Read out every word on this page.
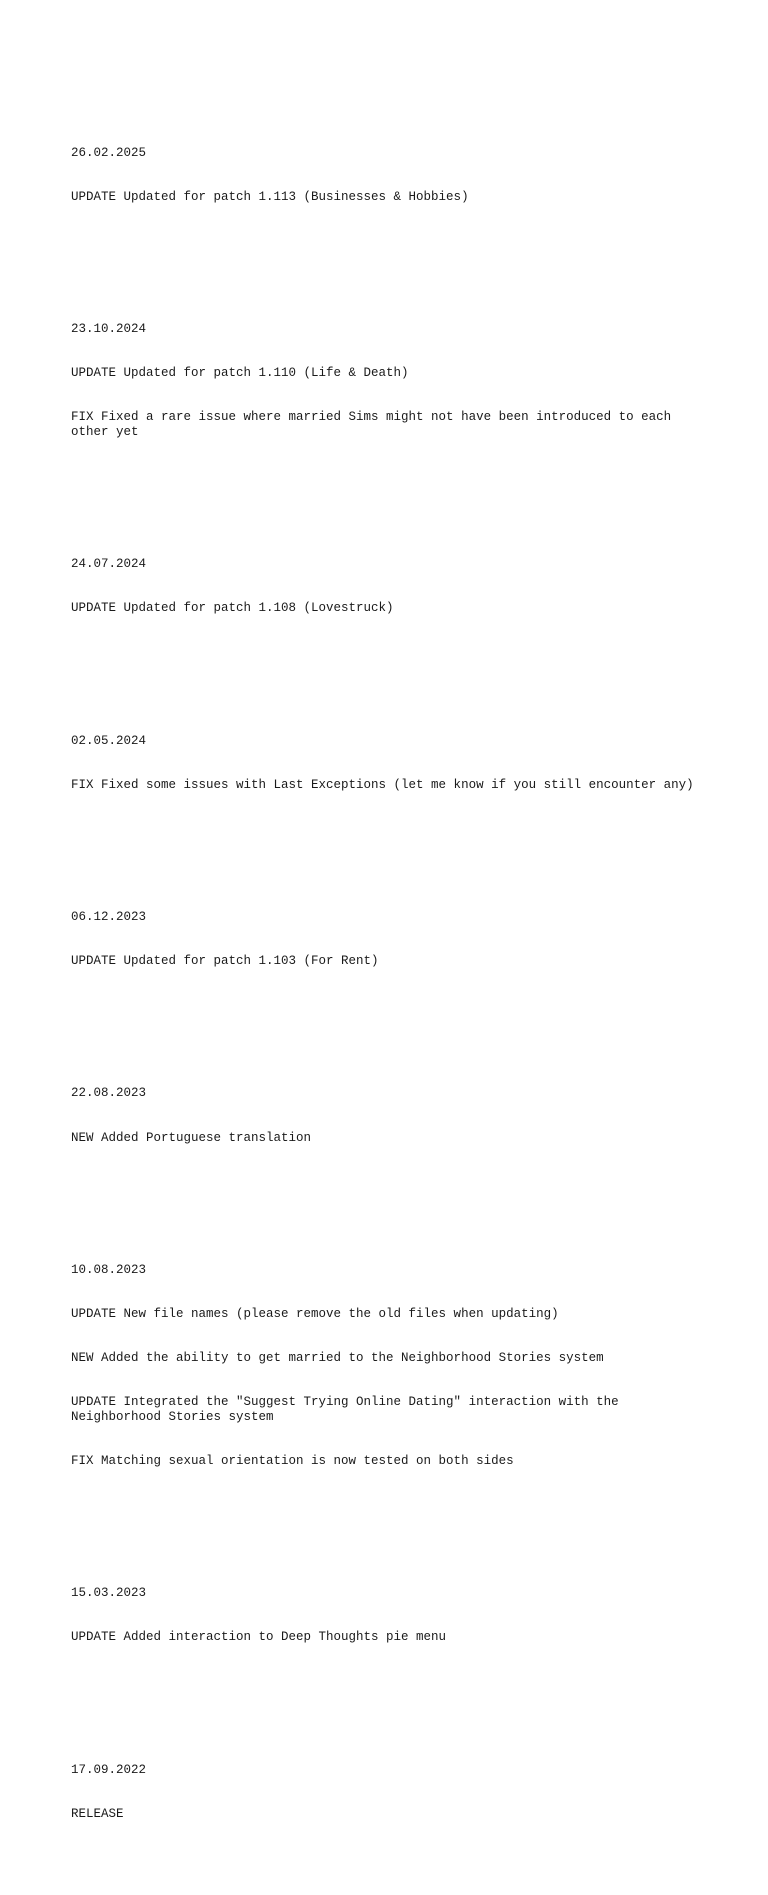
26.02.2025

UPDATE Updated for patch 1.113 (Businesses & Hobbies)

23.10.2024

UPDATE Updated for patch 1.110 (Life & Death)

FIX Fixed a rare issue where married Sims might not have been introduced to each other yet

24.07.2024

UPDATE Updated for patch 1.108 (Lovestruck)

02.05.2024

FIX Fixed some issues with Last Exceptions (let me know if you still encounter any)

06.12.2023

UPDATE Updated for patch 1.103 (For Rent)

22.08.2023

NEW Added Portuguese translation

10.08.2023

UPDATE New file names (please remove the old files when updating)

NEW Added the ability to get married to the Neighborhood Stories system

UPDATE Integrated the "Suggest Trying Online Dating" interaction with the Neighborhood Stories system

FIX Matching sexual orientation is now tested on both sides

15.03.2023

UPDATE Added interaction to Deep Thoughts pie menu

17.09.2022

RELEASE
